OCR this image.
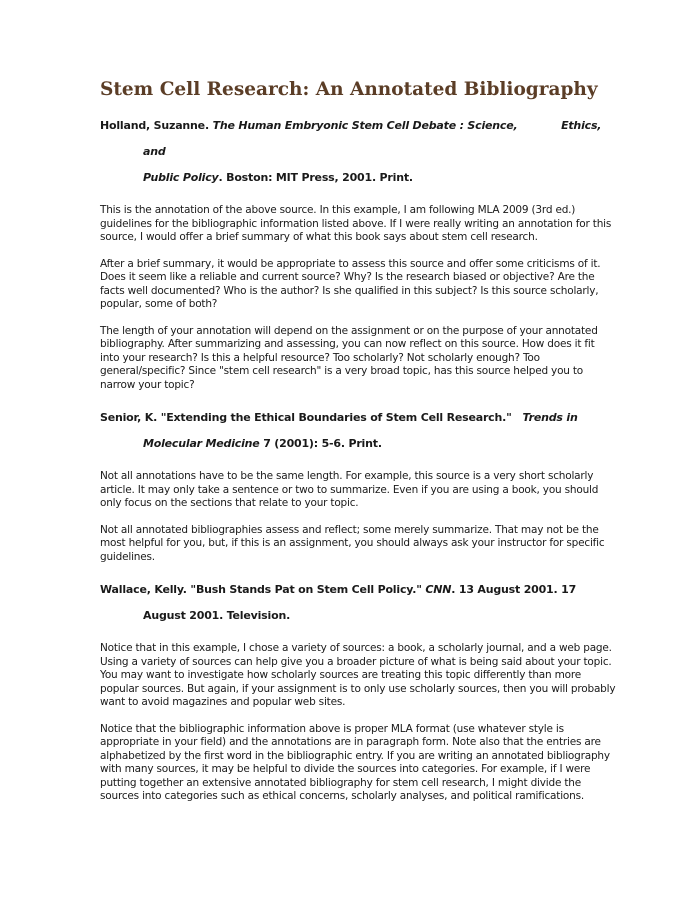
Stem Cell Research: An Annotated Bibliography

Holland, Suzanne. The Human Embryonic Stem Cell Debate : Science,	Ethics, and
Public Policy. Boston: MIT Press, 2001. Print.

This is the annotation of the above source. In this example, I am following MLA 2009 (3rd ed.) guidelines for the bibliographic information listed above. If I were really writing an annotation for this source, I would offer a brief summary of what this book says about stem cell research.

After a brief summary, it would be appropriate to assess this source and offer some criticisms of it. Does it seem like a reliable and current source? Why? Is the research biased or objective? Are the facts well documented? Who is the author? Is she qualified in this subject? Is this source scholarly, popular, some of both?

The length of your annotation will depend on the assignment or on the purpose of your annotated bibliography. After summarizing and assessing, you can now reflect on this source. How does it fit into your research? Is this a helpful resource? Too scholarly? Not scholarly enough? Too general/specific? Since "stem cell research" is a very broad topic, has this source helped you to narrow your topic?

Senior, K. "Extending the Ethical Boundaries of Stem Cell Research." Trends in
Molecular Medicine 7 (2001): 5-6. Print.

Not all annotations have to be the same length. For example, this source is a very short scholarly article. It may only take a sentence or two to summarize. Even if you are using a book, you should only focus on the sections that relate to your topic.

Not all annotated bibliographies assess and reflect; some merely summarize. That may not be the most helpful for you, but, if this is an assignment, you should always ask your instructor for specific guidelines.

Wallace, Kelly. "Bush Stands Pat on Stem Cell Policy." CNN. 13 August 2001. 17
August 2001. Television.

Notice that in this example, I chose a variety of sources: a book, a scholarly journal, and a web page. Using a variety of sources can help give you a broader picture of what is being said about your topic. You may want to investigate how scholarly sources are treating this topic differently than more popular sources. But again, if your assignment is to only use scholarly sources, then you will probably want to avoid magazines and popular web sites.

Notice that the bibliographic information above is proper MLA format (use whatever style is appropriate in your field) and the annotations are in paragraph form. Note also that the entries are alphabetized by the first word in the bibliographic entry. If you are writing an annotated bibliography with many sources, it may be helpful to divide the sources into categories. For example, if I were putting together an extensive annotated bibliography for stem cell research, I might divide the sources into categories such as ethical concerns, scholarly analyses, and political ramifications.
